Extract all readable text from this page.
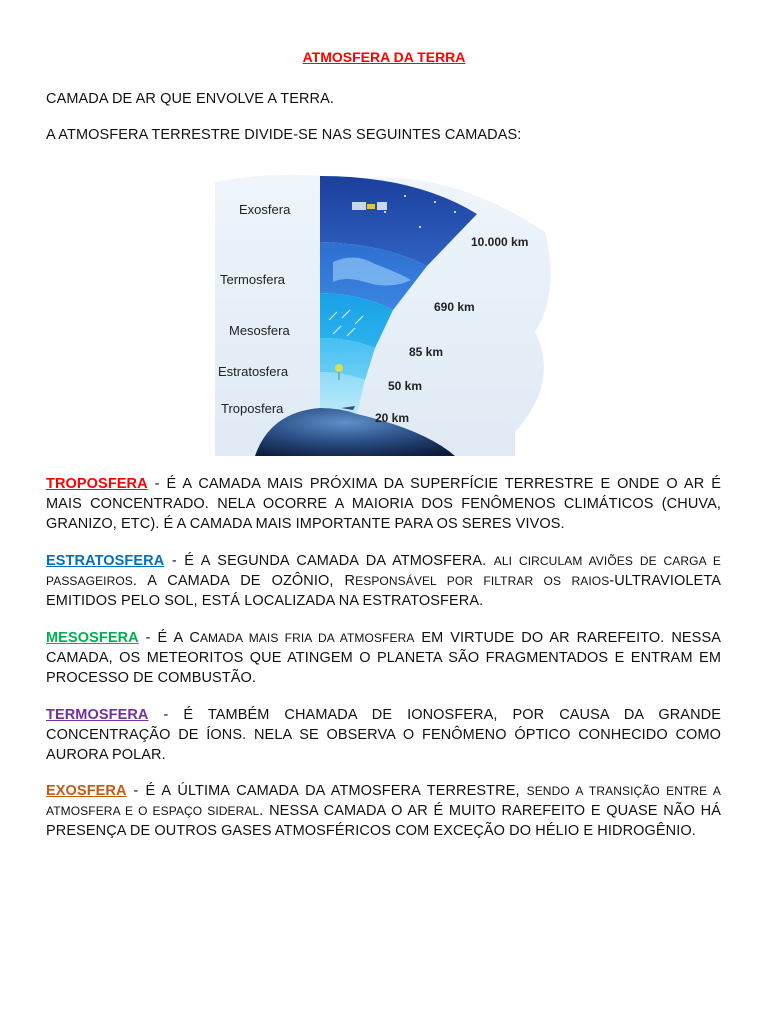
ATMOSFERA DA TERRA
CAMADA DE AR QUE ENVOLVE A TERRA.
A ATMOSFERA TERRESTRE DIVIDE-SE NAS SEGUINTES CAMADAS:
Exosfera
Termosfera
Mesosfera
Estratosfera
Troposfera
10.000 km
690 km
85 km
50 km
20 km
TROPOSFERA - É A CAMADA MAIS PRÓXIMA DA SUPERFÍCIE TERRESTRE E ONDE O AR É MAIS CONCENTRADO. NELA OCORRE A MAIORIA DOS FENÔMENOS CLIMÁTICOS (CHUVA, GRANIZO, ETC). É A CAMADA MAIS IMPORTANTE PARA OS SERES VIVOS.
ESTRATOSFERA - É A SEGUNDA CAMADA DA ATMOSFERA. ALI CIRCULAM AVIÕES DE CARGA E PASSAGEIROS. A CAMADA DE OZÔNIO, RESPONSÁVEL POR FILTRAR OS RAIOS-ULTRAVIOLETA EMITIDOS PELO SOL, ESTÁ LOCALIZADA NA ESTRATOSFERA.
MESOSFERA - É A CAMADA MAIS FRIA DA ATMOSFERA EM VIRTUDE DO AR RAREFEITO. NESSA CAMADA, OS METEORITOS QUE ATINGEM O PLANETA SÃO FRAGMENTADOS E ENTRAM EM PROCESSO DE COMBUSTÃO.
TERMOSFERA - É TAMBÉM CHAMADA DE IONOSFERA, POR CAUSA DA GRANDE CONCENTRAÇÃO DE ÍONS. NELA SE OBSERVA O FENÔMENO ÓPTICO CONHECIDO COMO AURORA POLAR.
EXOSFERA - É A ÚLTIMA CAMADA DA ATMOSFERA TERRESTRE, SENDO A TRANSIÇÃO ENTRE A ATMOSFERA E O ESPAÇO SIDERAL. NESSA CAMADA O AR É MUITO RAREFEITO E QUASE NÃO HÁ PRESENÇA DE OUTROS GASES ATMOSFÉRICOS COM EXCEÇÃO DO HÉLIO E HIDROGÊNIO.
